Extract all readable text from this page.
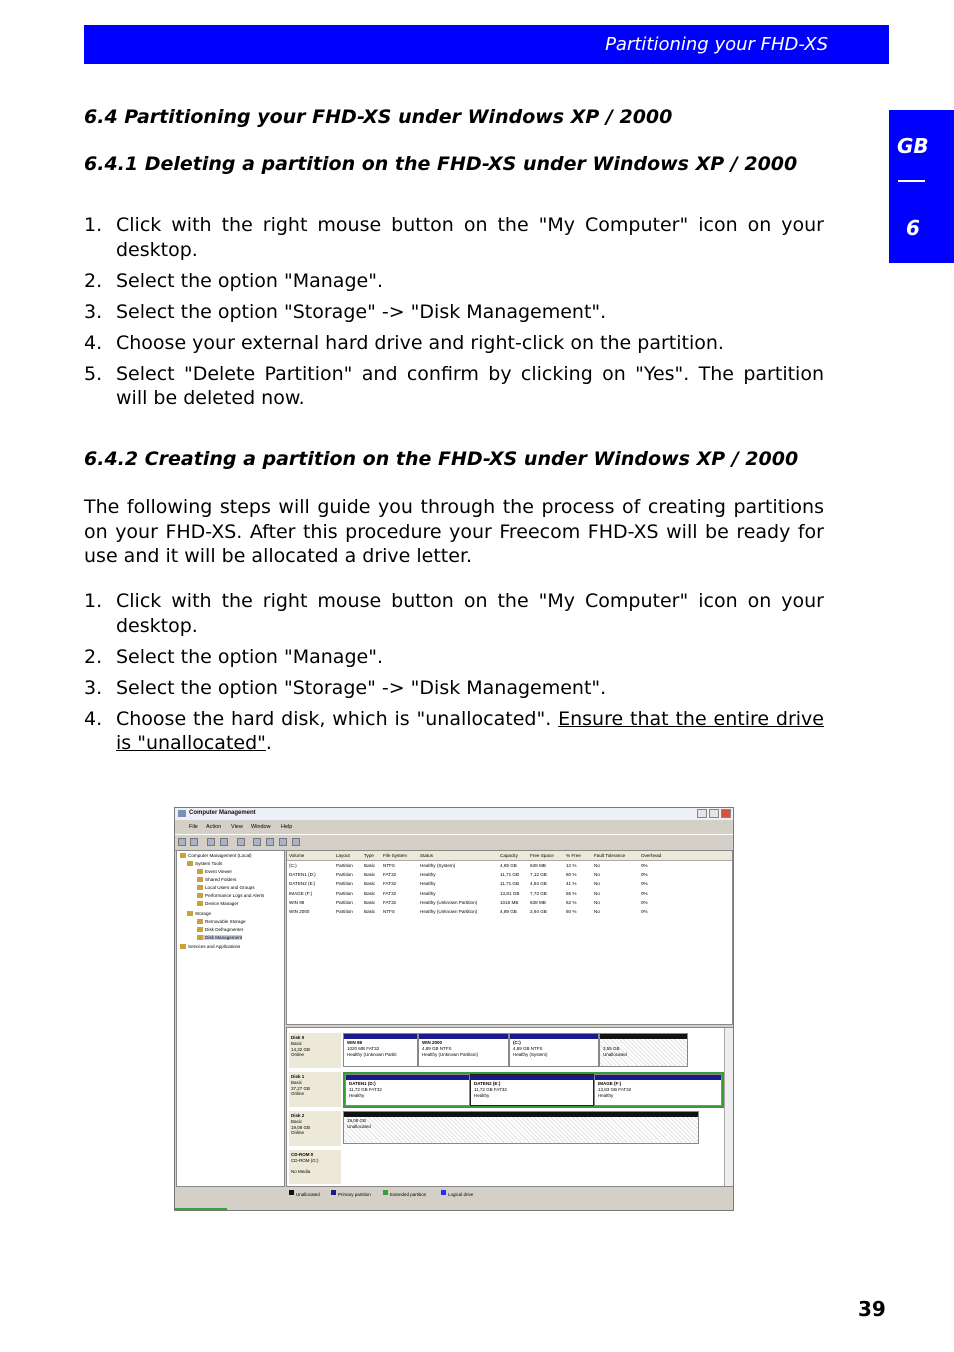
Partitioning your FHD-XS
GB
6
6.4 Partitioning your FHD-XS under Windows XP / 2000
6.4.1 Deleting a partition on the FHD-XS under Windows XP / 2000
1. Click with the right mouse button on the "My Computer" icon on your desktop.
2. Select the option "Manage".
3. Select the option "Storage" -> "Disk Management".
4. Choose your external hard drive and right-click on the partition.
5. Select "Delete Partition" and confirm by clicking on "Yes". The partition will be deleted now.
6.4.2 Creating a partition on the FHD-XS under Windows XP / 2000

The following steps will guide you through the process of creating partitions on your FHD-XS. After this procedure your Freecom FHD-XS will be ready for use and it will be allocated a drive letter.

1. Click with the right mouse button on the "My Computer" icon on your desktop.
2. Select the option "Manage".
3. Select the option "Storage" -> "Disk Management".
4. Choose the hard disk, which is "unallocated". Ensure that the entire drive is "unallocated".
Computer Management
File Action View Window Help
Computer Management (Local)
System Tools
Event Viewer
Shared Folders
Local Users and Groups
Performance Logs and Alerts
Device Manager
Storage
Removable Storage
Disk Defragmenter
Disk Management
Services and Applications
Volume	Layout	Type File System	Status	Capacity	Free Space	% Free	Fault Tolerance	Overhead
(C:)	Partition Basic NTFS	Healthy (System)	4,89 GB	638 MB	12 %	No	0%
DATEN1 (D:)	Partition Basic FAT32	Healthy	11,71 GB 7,12 GB	60 %	No	0%
DATEN2 (E:)	Partition Basic FAT32	Healthy	11,71 GB 4,84 GB	41 %	No	0%
IMAGE (F:)	Partition Basic FAT32	Healthy	13,81 GB 7,73 GB	55 %	No	0%
WIN 98	Partition Basic FAT32	Healthy (Unknown Partition)	1016 MB	638 MB	62 %	No	0%
WIN 2000	Partition Basic NTFS	Healthy (Unknown Partition)	4,89 GB	2,94 GB	60 %	No	0%
Disk 0
Basic
14,32 GB
Online
WIN 98
1020 MB FAT32
Healthy (Unknown Partiti
WIN 2000
4,89 GB NTFS
Healthy (Unknown Partition)
(C:)
4,89 GB NTFS
Healthy (System)

3,55 GB
Unallocated
Disk 1
Basic
37,27 GB
Online
DATEN1 (D:)
11,72 GB FAT32
Healthy
DATEN2 (E:)
11,72 GB FAT32
Healthy
IMAGE (F:)
13,83 GB FAT32
Healthy
Disk 2
Basic
19,08 GB
Online
19,08 GB
Unallocated
CD-ROM 0
CD-ROM (G:)

No Media
Unallocated	Primary partition	Extended partition	Logical drive
39
